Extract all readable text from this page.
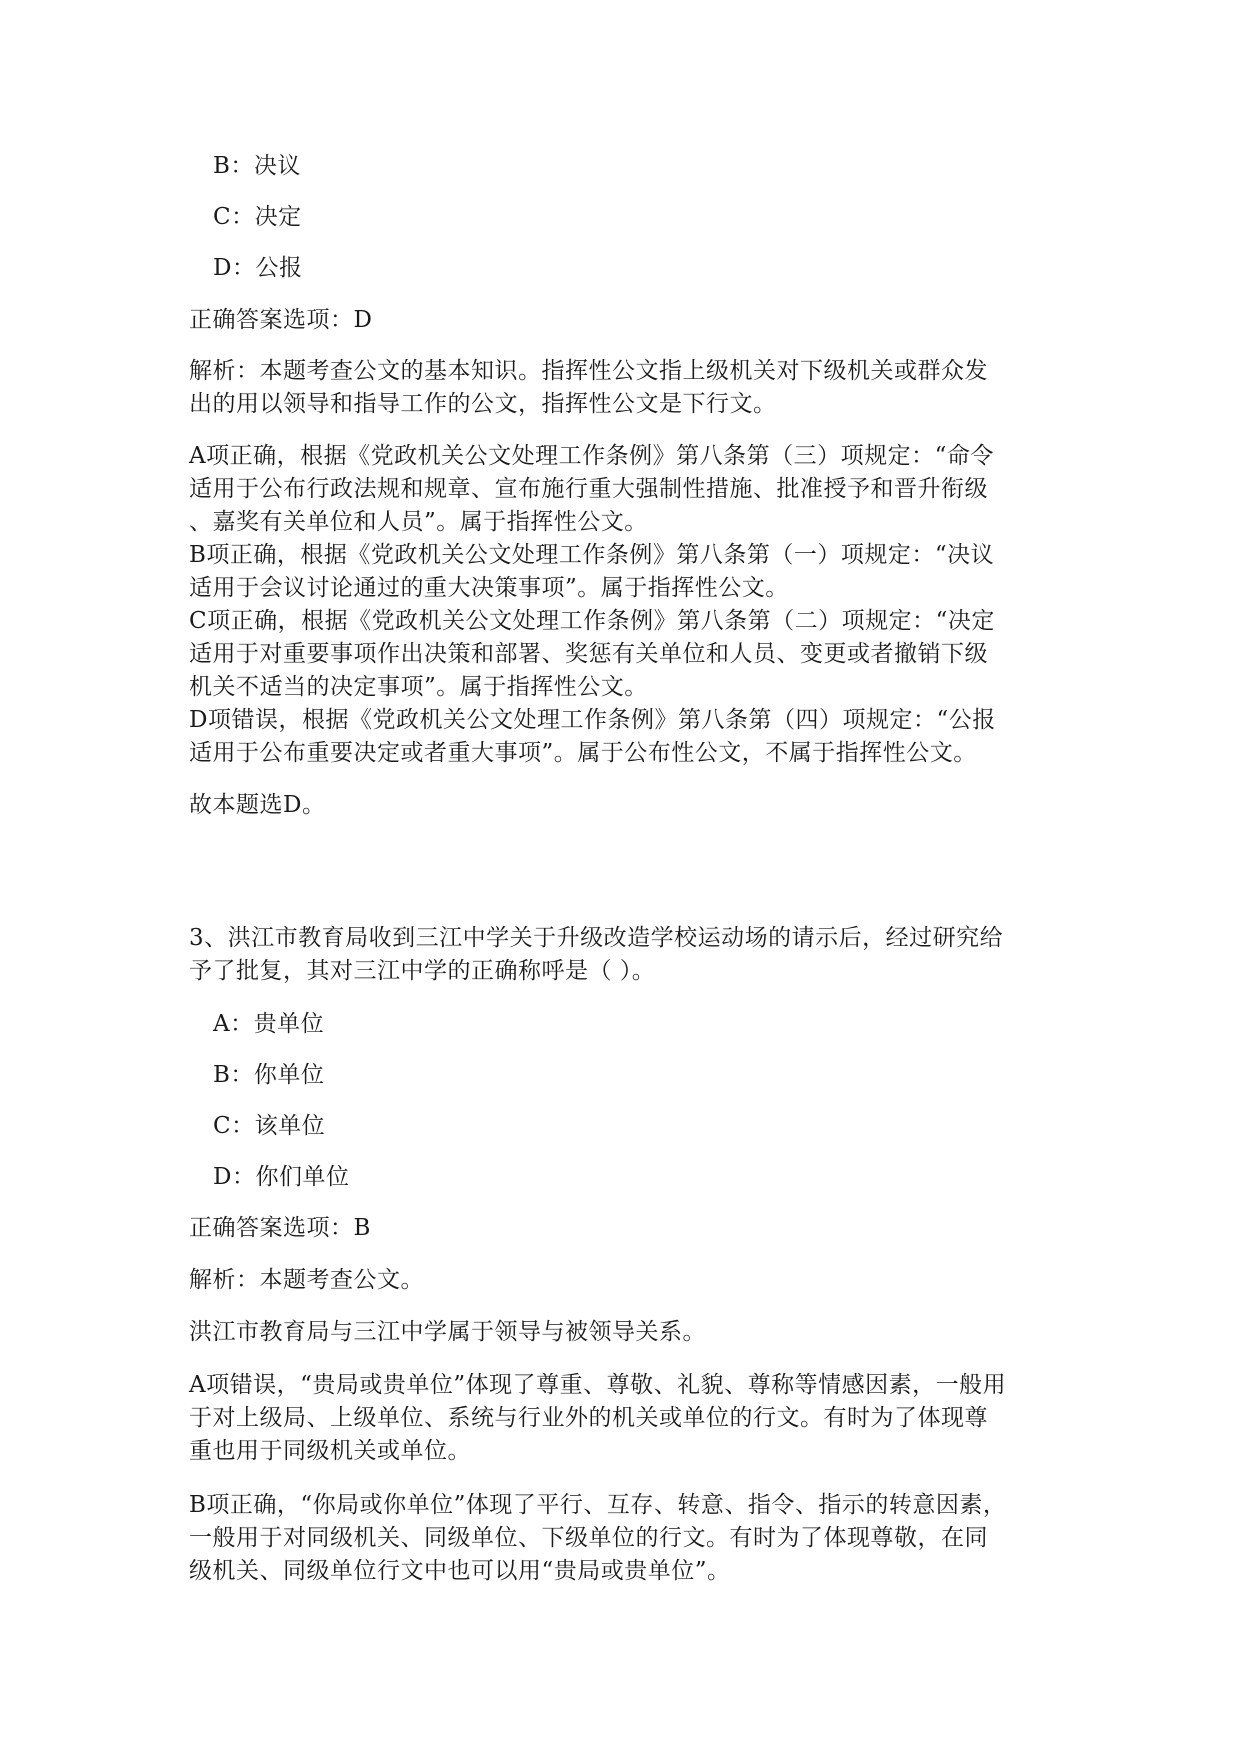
B：决议
C：决定
D：公报
正确答案选项：D
解析：本题考查公文的基本知识。指挥性公文指上级机关对下级机关或群众发
出的用以领导和指导工作的公文，指挥性公文是下行文。
A项正确，根据《党政机关公文处理工作条例》第八条第（三）项规定：“命令
适用于公布行政法规和规章、宣布施行重大强制性措施、批准授予和晋升衔级
、嘉奖有关单位和人员”。属于指挥性公文。
B项正确，根据《党政机关公文处理工作条例》第八条第（一）项规定：“决议
适用于会议讨论通过的重大决策事项”。属于指挥性公文。
C项正确，根据《党政机关公文处理工作条例》第八条第（二）项规定：“决定
适用于对重要事项作出决策和部署、奖惩有关单位和人员、变更或者撤销下级
机关不适当的决定事项”。属于指挥性公文。
D项错误，根据《党政机关公文处理工作条例》第八条第（四）项规定：“公报
适用于公布重要决定或者重大事项”。属于公布性公文，不属于指挥性公文。
故本题选D。
3、洪江市教育局收到三江中学关于升级改造学校运动场的请示后，经过研究给
予了批复，其对三江中学的正确称呼是（ ）。
A：贵单位
B：你单位
C：该单位
D：你们单位
正确答案选项：B
解析：本题考查公文。
洪江市教育局与三江中学属于领导与被领导关系。
A项错误，“贵局或贵单位”体现了尊重、尊敬、礼貌、尊称等情感因素，一般用
于对上级局、上级单位、系统与行业外的机关或单位的行文。有时为了体现尊
重也用于同级机关或单位。
B项正确，“你局或你单位”体现了平行、互存、转意、指令、指示的转意因素，
一般用于对同级机关、同级单位、下级单位的行文。有时为了体现尊敬，在同
级机关、同级单位行文中也可以用“贵局或贵单位”。
